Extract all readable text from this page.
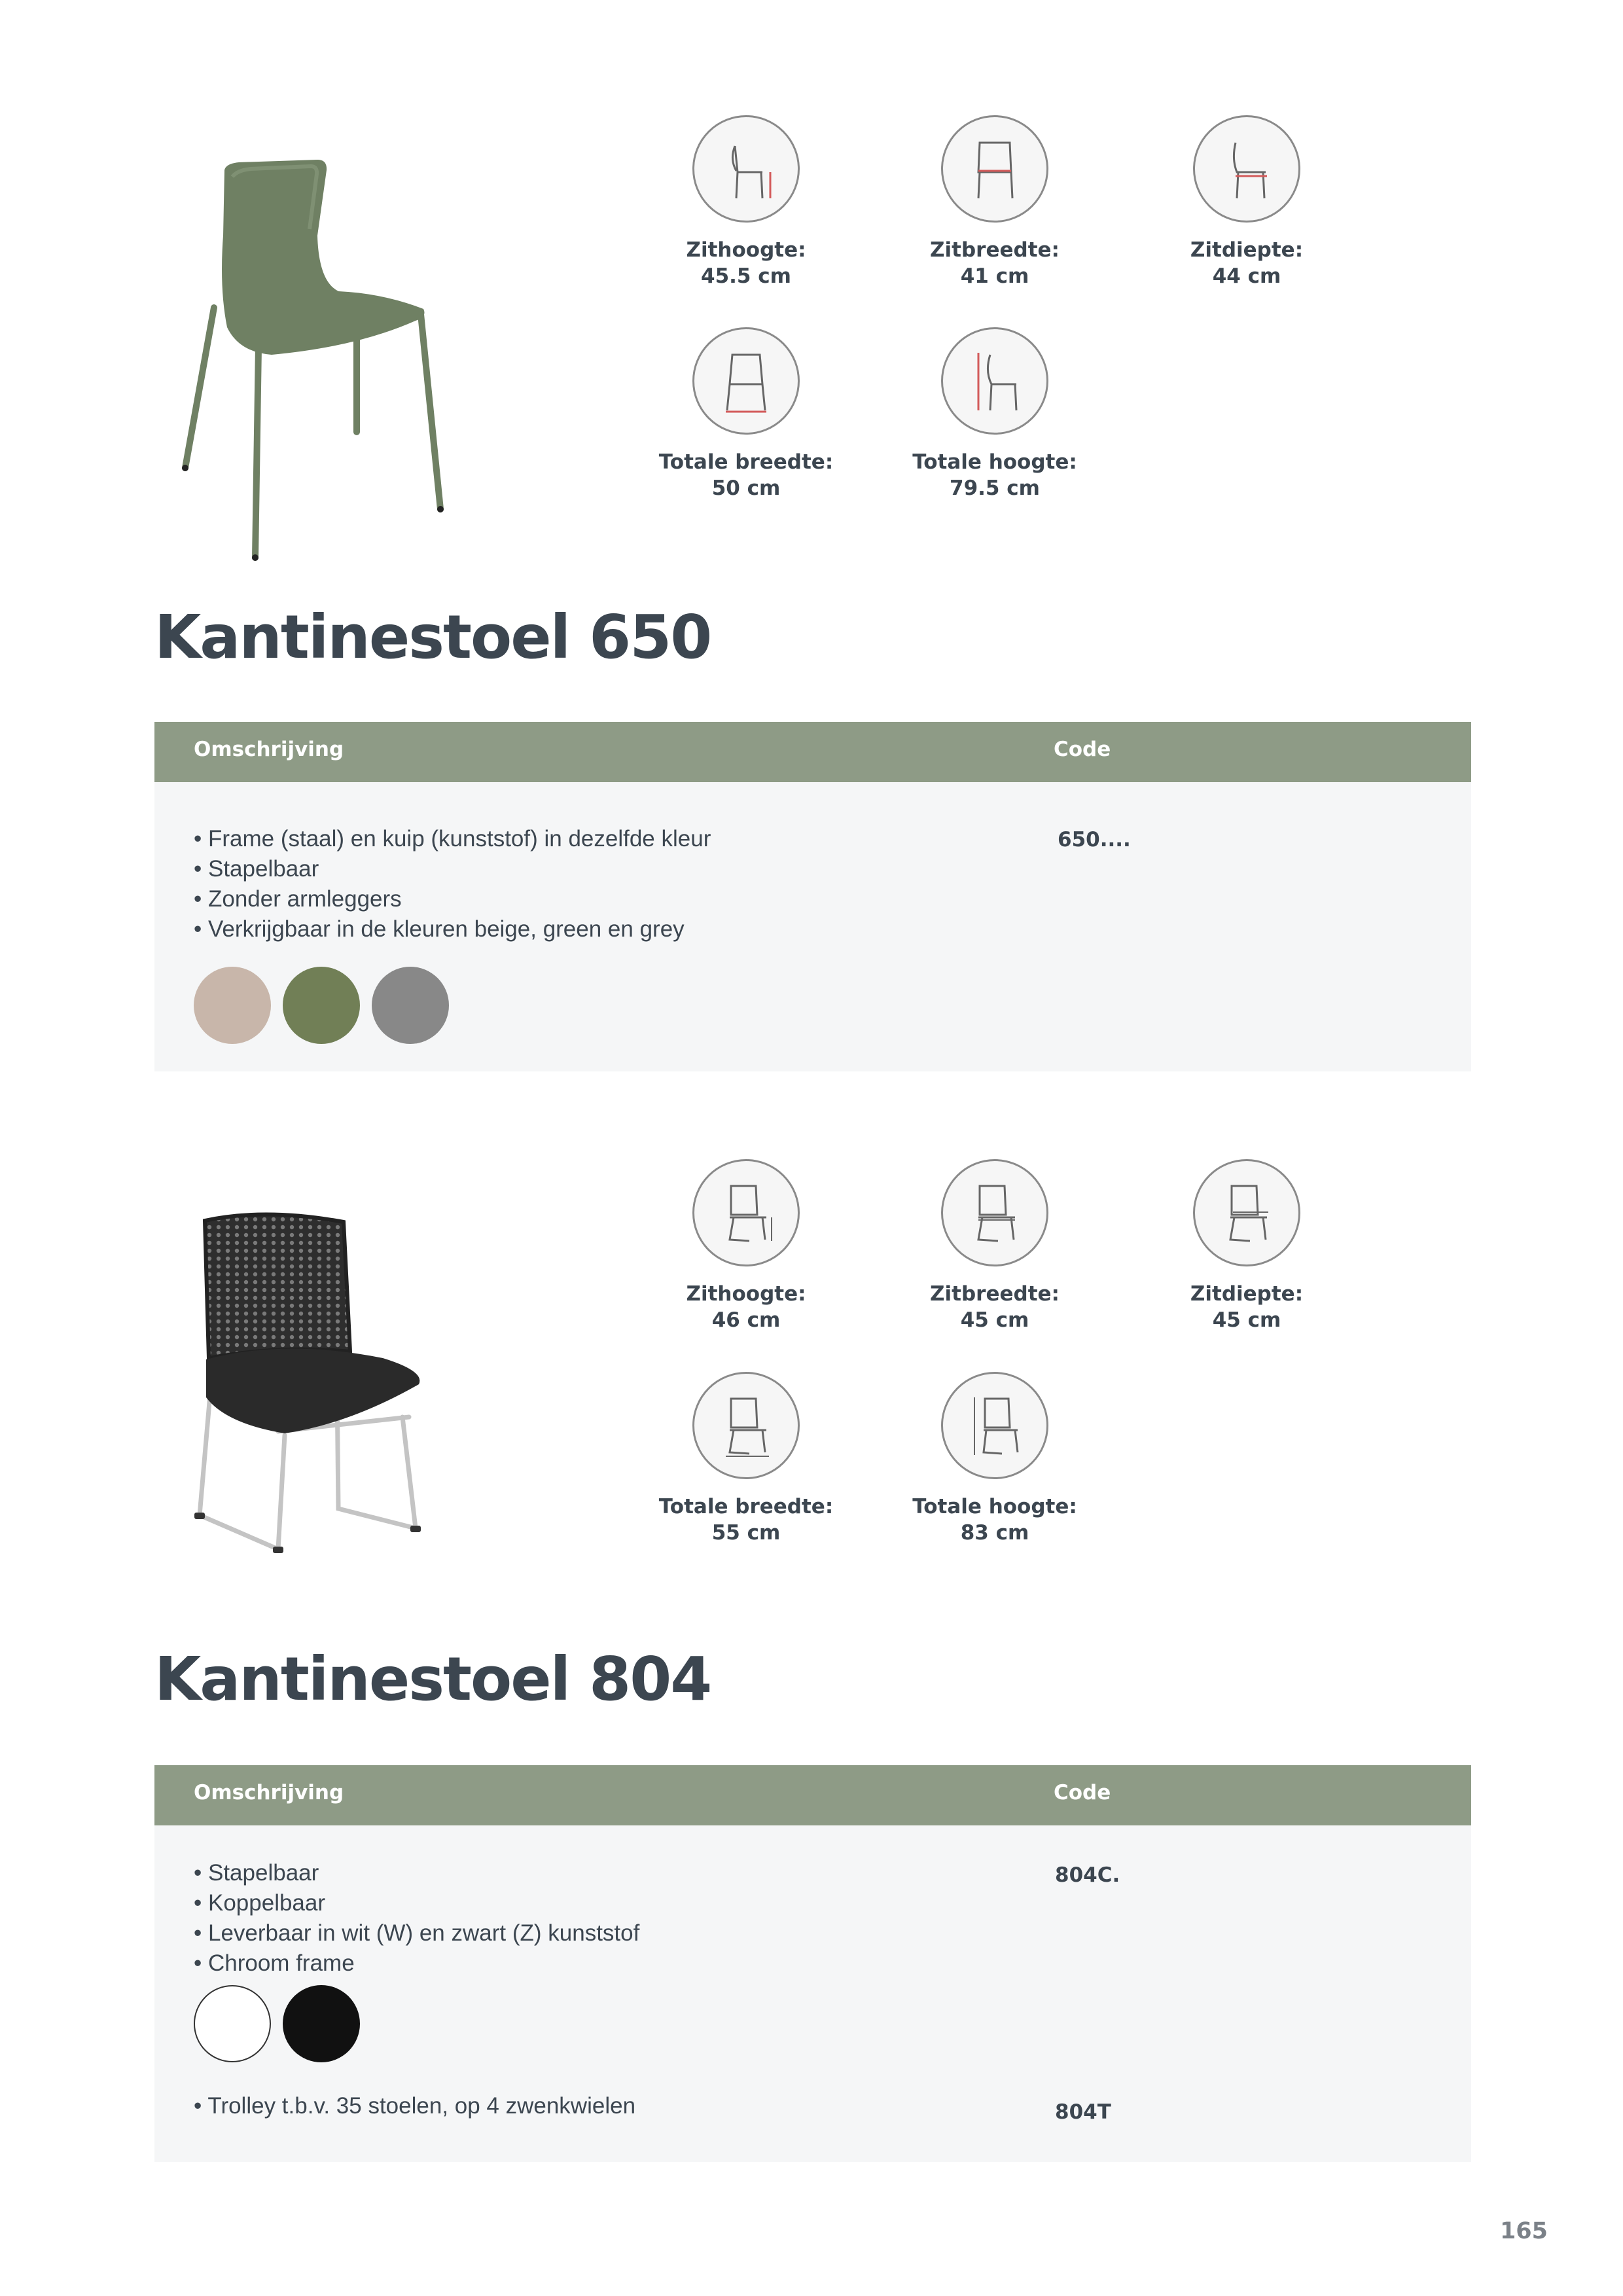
Zithoogte:
45.5 cm
Zitbreedte:
41 cm
Zitdiepte:
44 cm
Totale breedte:
50 cm
Totale hoogte:
79.5 cm
Kantinestoel 650
Omschrijving	Code
• Frame (staal) en kuip (kunststof) in dezelfde kleur
• Stapelbaar
• Zonder armleggers
• Verkrijgbaar in de kleuren beige, green en grey
650....
Zithoogte:
46 cm
Zitbreedte:
45 cm
Zitdiepte:
45 cm
Totale breedte:
55 cm
Totale hoogte:
83 cm
Kantinestoel 804
Omschrijving	Code
• Stapelbaar
• Koppelbaar
• Leverbaar in wit (W) en zwart (Z) kunststof
• Chroom frame
804C.
• Trolley t.b.v. 35 stoelen, op 4 zwenkwielen	804T
165
